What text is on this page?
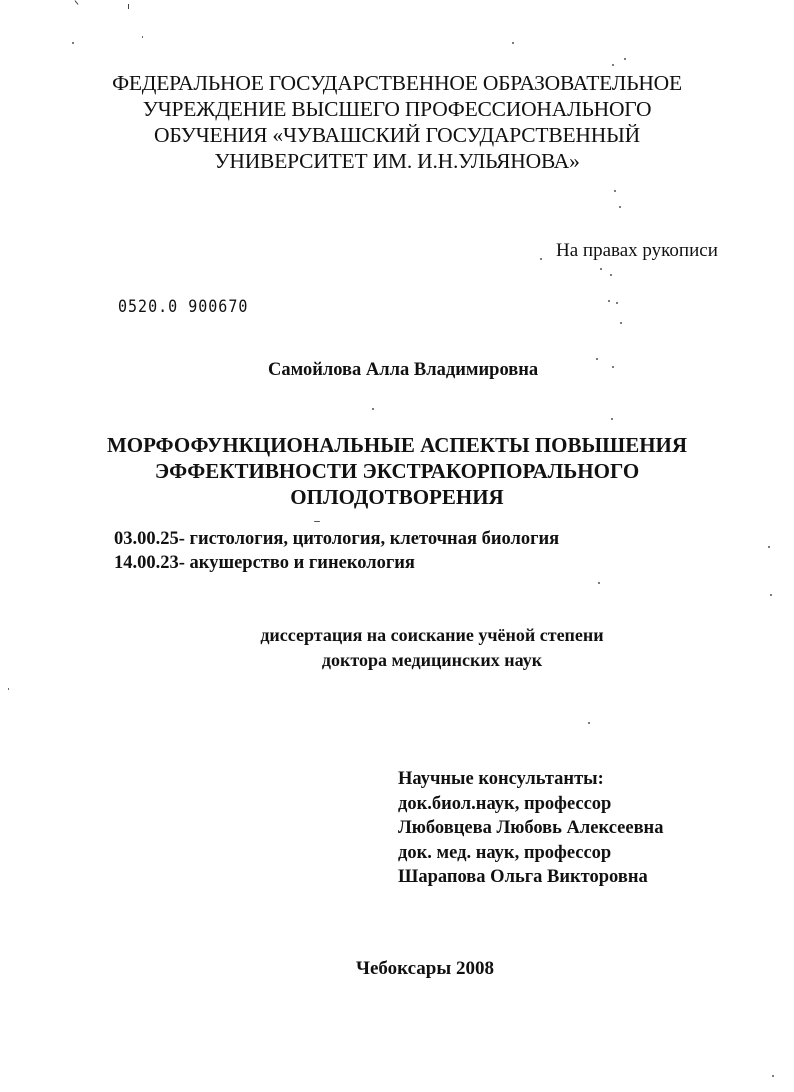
ФЕДЕРАЛЬНОЕ ГОСУДАРСТВЕННОЕ ОБРАЗОВАТЕЛЬНОЕ
УЧРЕЖДЕНИЕ ВЫСШЕГО ПРОФЕССИОНАЛЬНОГО
ОБУЧЕНИЯ «ЧУВАШСКИЙ ГОСУДАРСТВЕННЫЙ
УНИВЕРСИТЕТ ИМ. И.Н.УЛЬЯНОВА»
На правах рукописи
0520.0 900670
Самойлова Алла Владимировна
МОРФОФУНКЦИОНАЛЬНЫЕ АСПЕКТЫ ПОВЫШЕНИЯ
ЭФФЕКТИВНОСТИ ЭКСТРАКОРПОРАЛЬНОГО
ОПЛОДОТВОРЕНИЯ
03.00.25- гистология, цитология, клеточная биология
14.00.23- акушерство и гинекология
диссертация на соискание учёной степени
доктора медицинских наук
Научные консультанты:
док.биол.наук, профессор
Любовцева Любовь Алексеевна
док. мед. наук, профессор
Шарапова Ольга Викторовна
Чебоксары 2008
